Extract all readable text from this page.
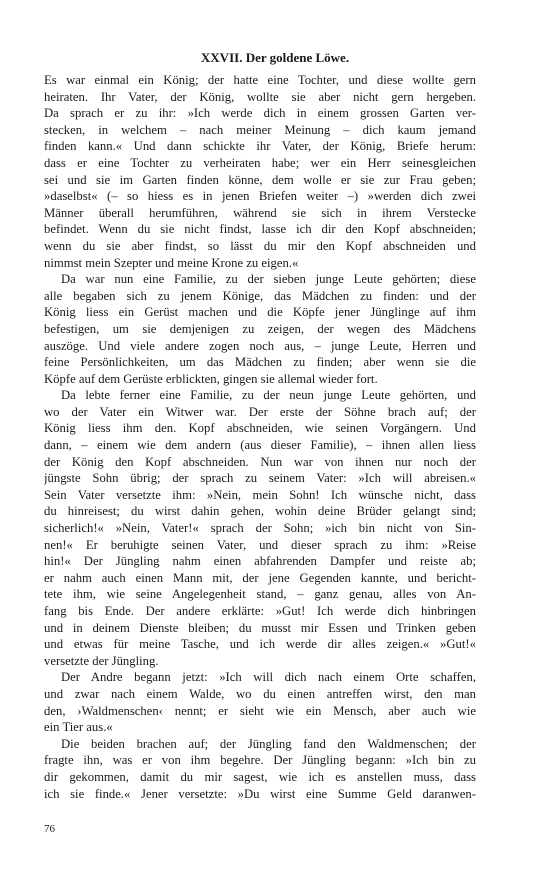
XXVII. Der goldene Löwe.
Es war einmal ein König; der hatte eine Tochter, und diese wollte gern
heiraten. Ihr Vater, der König, wollte sie aber nicht gern hergeben.
Da sprach er zu ihr: »Ich werde dich in einem grossen Garten ver-
stecken, in welchem – nach meiner Meinung – dich kaum jemand
finden kann.« Und dann schickte ihr Vater, der König, Briefe herum:
dass er eine Tochter zu verheiraten habe; wer ein Herr seinesgleichen
sei und sie im Garten finden könne, dem wolle er sie zur Frau geben;
»daselbst« (– so hiess es in jenen Briefen weiter –) »werden dich zwei
Männer überall herumführen, während sie sich in ihrem Verstecke
befindet. Wenn du sie nicht findst, lasse ich dir den Kopf abschneiden;
wenn du sie aber findst, so lässt du mir den Kopf abschneiden und
nimmst mein Szepter und meine Krone zu eigen.«
Da war nun eine Familie, zu der sieben junge Leute gehörten; diese
alle begaben sich zu jenem Könige, das Mädchen zu finden: und der
König liess ein Gerüst machen und die Köpfe jener Jünglinge auf ihm
befestigen, um sie demjenigen zu zeigen, der wegen des Mädchens
auszöge. Und viele andere zogen noch aus, – junge Leute, Herren und
feine Persönlichkeiten, um das Mädchen zu finden; aber wenn sie die
Köpfe auf dem Gerüste erblickten, gingen sie allemal wieder fort.
Da lebte ferner eine Familie, zu der neun junge Leute gehörten, und
wo der Vater ein Witwer war. Der erste der Söhne brach auf; der
König liess ihm den. Kopf abschneiden, wie seinen Vorgängern. Und
dann, – einem wie dem andern (aus dieser Familie), – ihnen allen liess
der König den Kopf abschneiden. Nun war von ihnen nur noch der
jüngste Sohn übrig; der sprach zu seinem Vater: »Ich will abreisen.«
Sein Vater versetzte ihm: »Nein, mein Sohn! Ich wünsche nicht, dass
du hinreisest; du wirst dahin gehen, wohin deine Brüder gelangt sind;
sicherlich!« »Nein, Vater!« sprach der Sohn; »ich bin nicht von Sin-
nen!« Er beruhigte seinen Vater, und dieser sprach zu ihm: »Reise
hin!« Der Jüngling nahm einen abfahrenden Dampfer und reiste ab;
er nahm auch einen Mann mit, der jene Gegenden kannte, und bericht-
tete ihm, wie seine Angelegenheit stand, – ganz genau, alles von An-
fang bis Ende. Der andere erklärte: »Gut! Ich werde dich hinbringen
und in deinem Dienste bleiben; du musst mir Essen und Trinken geben
und etwas für meine Tasche, und ich werde dir alles zeigen.« »Gut!«
versetzte der Jüngling.
Der Andre begann jetzt: »Ich will dich nach einem Orte schaffen,
und zwar nach einem Walde, wo du einen antreffen wirst, den man
den, ›Waldmenschen‹ nennt; er sieht wie ein Mensch, aber auch wie
ein Tier aus.«
Die beiden brachen auf; der Jüngling fand den Waldmenschen; der
fragte ihn, was er von ihm begehre. Der Jüngling begann: »Ich bin zu
dir gekommen, damit du mir sagest, wie ich es anstellen muss, dass
ich sie finde.« Jener versetzte: »Du wirst eine Summe Geld daranwen-
76
